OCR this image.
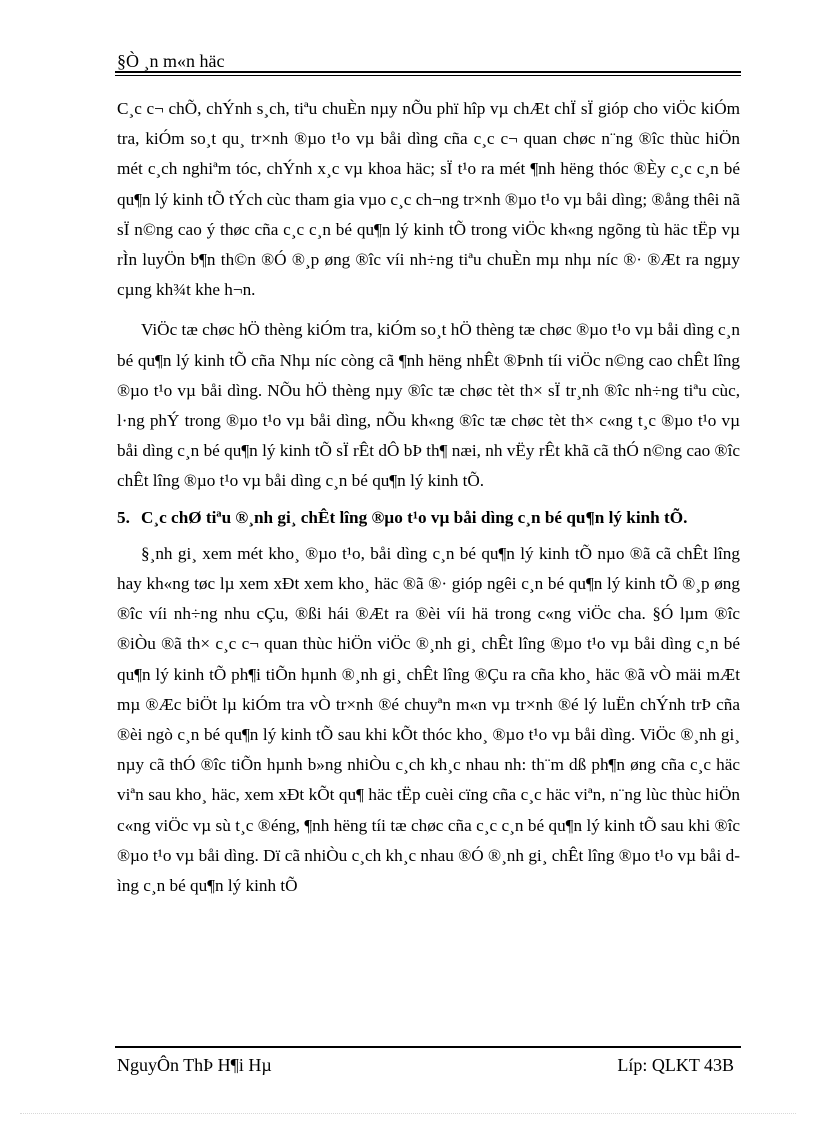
§Ò ¸n m«n häc

C¸c c¬ chÕ, chÝnh s¸ch, tiªu chuÈn nµy nÕu phï hîp vµ chÆt chÏ sÏ gióp cho viÖc kiÓm tra, kiÓm so¸t qu¸ tr×nh ®µo t¹o vµ båi dìng cña c¸c c¬ quan chøc n¨ng ®îc thùc hiÖn mét c¸ch nghiªm tóc, chÝnh x¸c vµ khoa häc; sÏ t¹o ra mét ¶nh hëng thóc ®Èy c¸c c¸n bé qu¶n lý kinh tÕ tÝch cùc tham gia vµo c¸c ch¬ng tr×nh ®µo t¹o vµ båi dìng; ®ång thêi nã sÏ n©ng cao ý thøc cña c¸c c¸n bé qu¶n lý kinh tÕ trong viÖc kh«ng ngõng tù häc tËp vµ rÌn luyÖn b¶n th©n ®Ó ®¸p øng ®îc víi nh÷ng tiªu chuÈn mµ nhµ níc ®· ®Æt ra ngµy cµng kh¾t khe h¬n.

ViÖc tæ chøc hÖ thèng kiÓm tra, kiÓm so¸t hÖ thèng tæ chøc ®µo t¹o vµ båi dìng c¸n bé qu¶n lý kinh tÕ cña Nhµ níc còng cã ¶nh hëng nhÊt ®Þnh tíi viÖc n©ng cao chÊt lîng ®µo t¹o vµ båi dìng. NÕu hÖ thèng nµy ®îc tæ chøc tèt th× sÏ tr¸nh ®îc nh÷ng tiªu cùc, l·ng phÝ trong ®µo t¹o vµ båi dìng, nÕu kh«ng ®îc tæ chøc tèt th× c«ng t¸c ®µo t¹o vµ båi dìng c¸n bé qu¶n lý kinh tÕ sÏ rÊt dÔ bÞ th¶ næi, nh vËy rÊt khã cã thÓ n©ng cao ®îc chÊt lîng ®µo t¹o vµ båi dìng c¸n bé qu¶n lý kinh tÕ.

5. C¸c chØ tiªu ®¸nh gi¸ chÊt lîng ®µo t¹o vµ båi dìng c¸n bé qu¶n lý kinh tÕ.

§¸nh gi¸ xem mét kho¸ ®µo t¹o, båi dìng c¸n bé qu¶n lý kinh tÕ nµo ®ã cã chÊt lîng hay kh«ng tøc lµ xem xÐt xem kho¸ häc ®ã ®· gióp ngêi c¸n bé qu¶n lý kinh tÕ ®¸p øng ®îc víi nh÷ng nhu cÇu, ®ßi hái ®Æt ra ®èi víi hä trong c«ng viÖc cha. §Ó lµm ®îc ®iÒu ®ã th× c¸c c¬ quan thùc hiÖn viÖc ®¸nh gi¸ chÊt lîng ®µo t¹o vµ båi dìng c¸n bé qu¶n lý kinh tÕ ph¶i tiÕn hµnh ®¸nh gi¸ chÊt lîng ®Çu ra cña kho¸ häc ®ã vÒ mäi mÆt mµ ®Æc biÖt lµ kiÓm tra vÒ tr×nh ®é chuyªn m«n vµ tr×nh ®é lý luËn chÝnh trÞ cña ®èi ngò c¸n bé qu¶n lý kinh tÕ sau khi kÕt thóc kho¸ ®µo t¹o vµ båi dìng. ViÖc ®¸nh gi¸ nµy cã thÓ ®îc tiÕn hµnh b»ng nhiÒu c¸ch kh¸c nhau nh: th¨m dß ph¶n øng cña c¸c häc viªn sau kho¸ häc, xem xÐt kÕt qu¶ häc tËp cuèi cïng cña c¸c häc viªn, n¨ng lùc thùc hiÖn c«ng viÖc vµ sù t¸c ®éng, ¶nh hëng tíi tæ chøc cña c¸c c¸n bé qu¶n lý kinh tÕ sau khi ®îc ®µo t¹o vµ båi dìng. Dï cã nhiÒu c¸ch kh¸c nhau ®Ó ®¸nh gi¸ chÊt lîng ®µo t¹o vµ båi dìng c¸n bé qu¶n lý kinh tÕ

NguyÔn ThÞ H¶i Hµ	Líp: QLKT 43B
